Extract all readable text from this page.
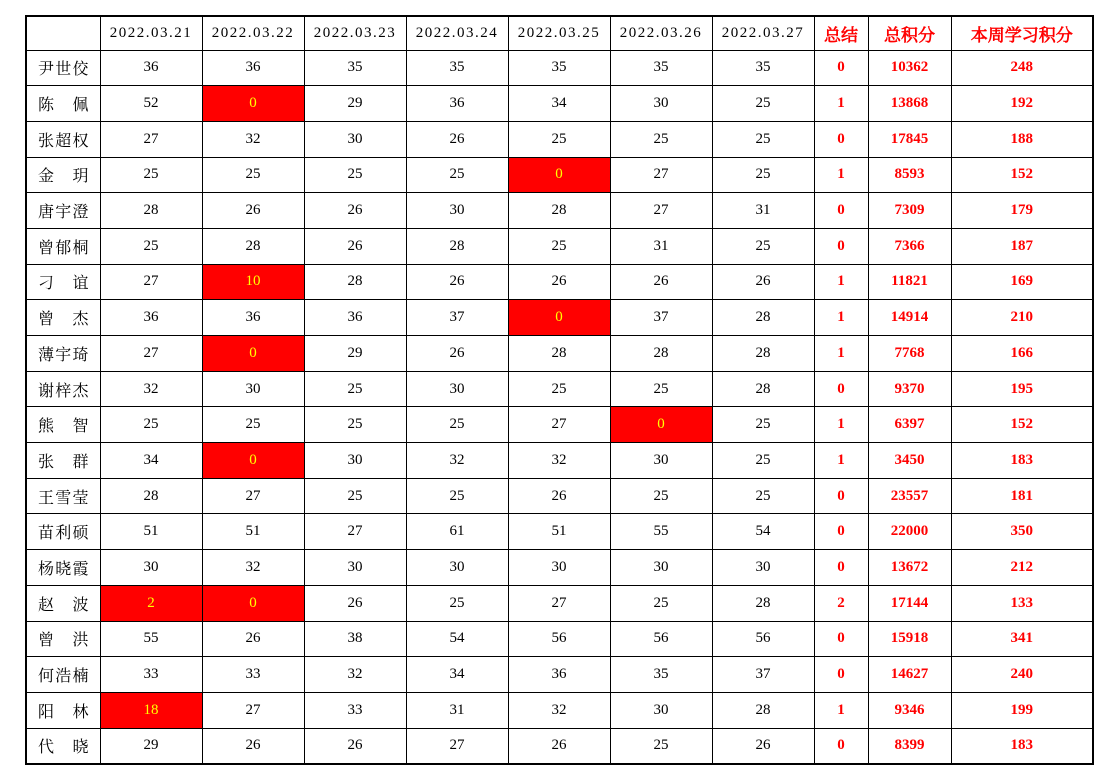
	2022.03.21	2022.03.22	2022.03.23	2022.03.24	2022.03.25	2022.03.26	2022.03.27	总结	总积分	本周学习积分

尹 世 佼	36	36	35	35	35	35	35	0	10362	248

陈 佩	52	0	29	36	34	30	25	1	13868	192

张 超 权	27	32	30	26	25	25	25	0	17845	188

金 玥	25	25	25	25	0	27	25	1	8593	152

唐 宇 澄	28	26	26	30	28	27	31	0	7309	179

曾 郁 桐	25	28	26	28	25	31	25	0	7366	187

刁 谊	27	10	28	26	26	26	26	1	11821	169

曾 杰	36	36	36	37	0	37	28	1	14914	210

薄 宇 琦	27	0	29	26	28	28	28	1	7768	166

谢 梓 杰	32	30	25	30	25	25	28	0	9370	195

熊 智	25	25	25	25	27	0	25	1	6397	152

张 群	34	0	30	32	32	30	25	1	3450	183

王 雪 莹	28	27	25	25	26	25	25	0	23557	181

苗 利 硕	51	51	27	61	51	55	54	0	22000	350

杨 晓 霞	30	32	30	30	30	30	30	0	13672	212

赵 波	2	0	26	25	27	25	28	2	17144	133

曾 洪	55	26	38	54	56	56	56	0	15918	341

何 浩 楠	33	33	32	34	36	35	37	0	14627	240

阳 林	18	27	33	31	32	30	28	1	9346	199

代 晓	29	26	26	27	26	25	26	0	8399	183
